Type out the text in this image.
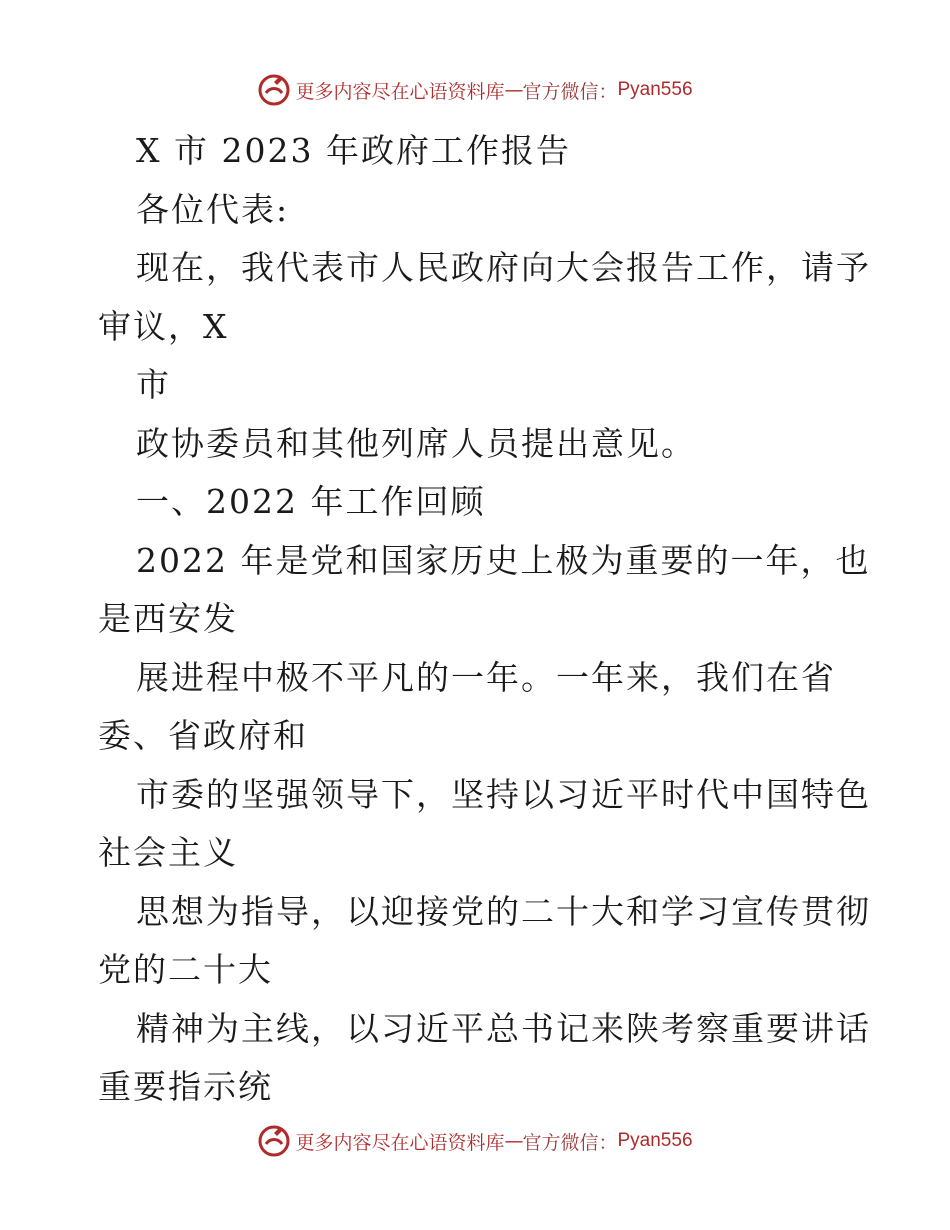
更多内容尽在心语资料库 — 官方微信： Pyan556
X 市 2023 年政府工作报告
各位代表:
现在，我代表市人民政府向大会报告工作，请予
审议，X
市
政协委员和其他列席人员提出意见。
一、2022 年工作回顾
2022 年是党和国家历史上极为重要的一年，也
是西安发
展进程中极不平凡的一年。一年来，我们在省
委、省政府和
市委的坚强领导下，坚持以习近平时代中国特色
社会主义
思想为指导，以迎接党的二十大和学习宣传贯彻
党的二十大
精神为主线，以习近平总书记来陕考察重要讲话
重要指示统
更多内容尽在心语资料库 — 官方微信： Pyan556
